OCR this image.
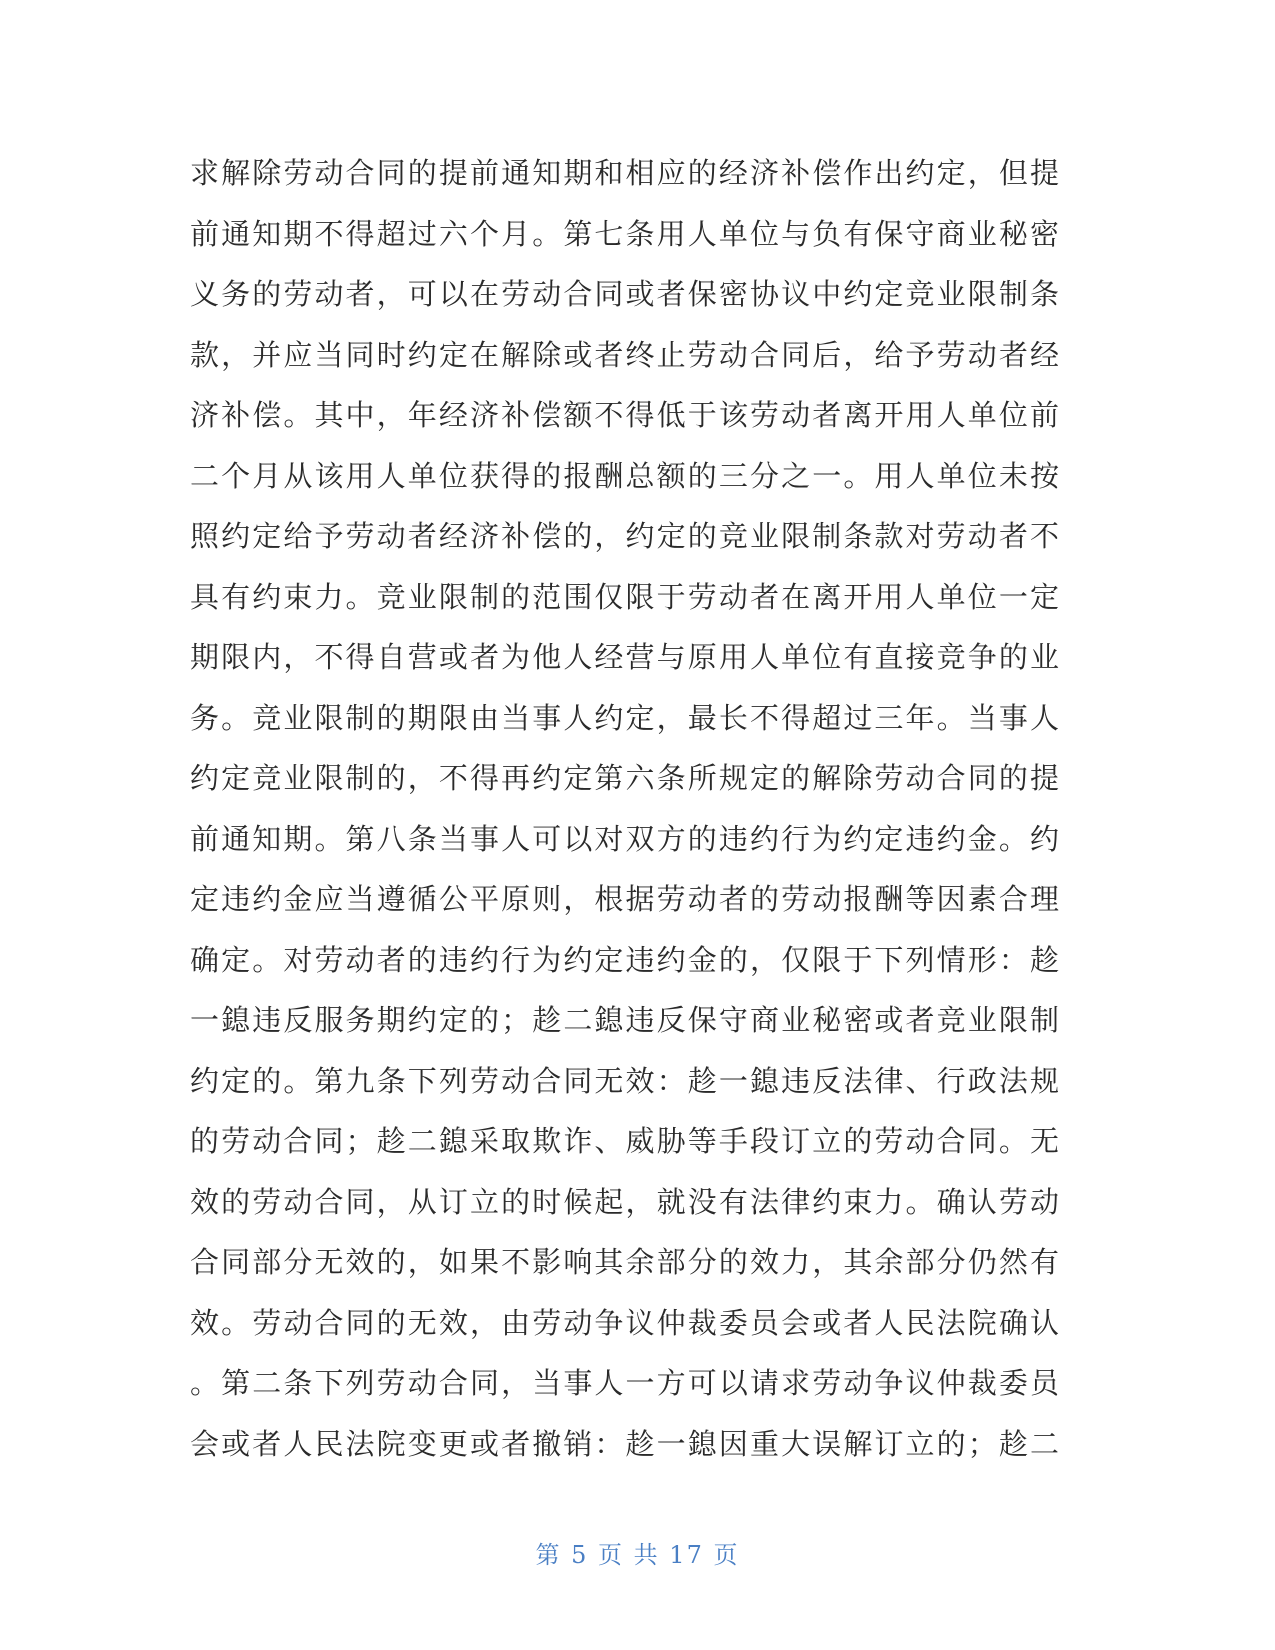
求解除劳动合同的提前通知期和相应的经济补偿作出约定，但提
前通知期不得超过六个月。第七条用人单位与负有保守商业秘密
义务的劳动者，可以在劳动合同或者保密协议中约定竞业限制条
款，并应当同时约定在解除或者终止劳动合同后，给予劳动者经
济补偿。其中，年经济补偿额不得低于该劳动者离开用人单位前
二个月从该用人单位获得的报酬总额的三分之一。用人单位未按
照约定给予劳动者经济补偿的，约定的竞业限制条款对劳动者不
具有约束力。竞业限制的范围仅限于劳动者在离开用人单位一定
期限内，不得自营或者为他人经营与原用人单位有直接竞争的业
务。竞业限制的期限由当事人约定，最长不得超过三年。当事人
约定竞业限制的，不得再约定第六条所规定的解除劳动合同的提
前通知期。第八条当事人可以对双方的违约行为约定违约金。约
定违约金应当遵循公平原则，根据劳动者的劳动报酬等因素合理
确定。对劳动者的违约行为约定违约金的，仅限于下列情形：趁
一鎴违反服务期约定的；趁二鎴违反保守商业秘密或者竞业限制
约定的。第九条下列劳动合同无效：趁一鎴违反法律、行政法规
的劳动合同；趁二鎴采取欺诈、威胁等手段订立的劳动合同。无
效的劳动合同，从订立的时候起，就没有法律约束力。确认劳动
合同部分无效的，如果不影响其余部分的效力，其余部分仍然有
效。劳动合同的无效，由劳动争议仲裁委员会或者人民法院确认
。第二条下列劳动合同，当事人一方可以请求劳动争议仲裁委员
会或者人民法院变更或者撤销：趁一鎴因重大误解订立的；趁二
第 5 页 共 17 页
